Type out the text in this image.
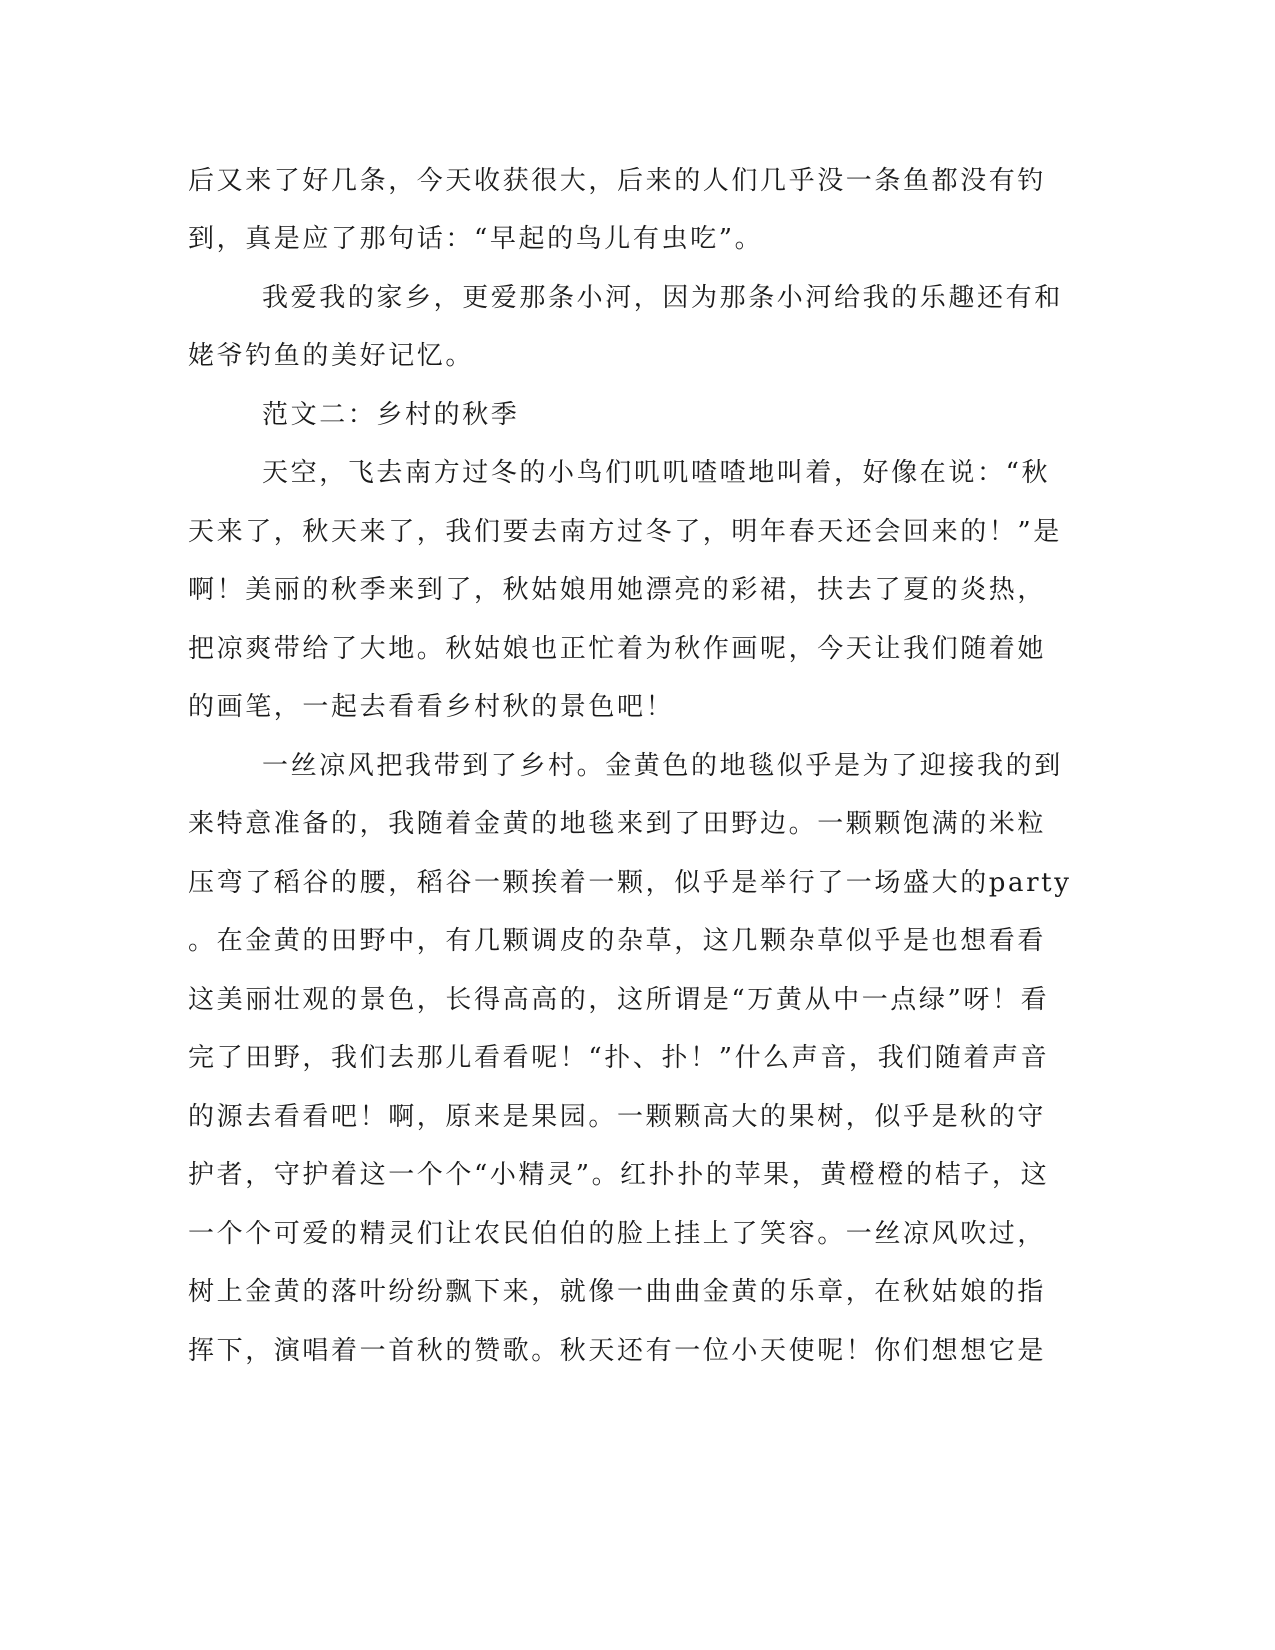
后又来了好几条，今天收获很大，后来的人们几乎没一条鱼都没有钓
到，真是应了那句话：“早起的鸟儿有虫吃”。
我爱我的家乡，更爱那条小河，因为那条小河给我的乐趣还有和
姥爷钓鱼的美好记忆。
范文二：乡村的秋季
天空，飞去南方过冬的小鸟们叽叽喳喳地叫着，好像在说：“秋
天来了，秋天来了，我们要去南方过冬了，明年春天还会回来的！”是
啊！美丽的秋季来到了，秋姑娘用她漂亮的彩裙，扶去了夏的炎热，
把凉爽带给了大地。秋姑娘也正忙着为秋作画呢，今天让我们随着她
的画笔，一起去看看乡村秋的景色吧！
一丝凉风把我带到了乡村。金黄色的地毯似乎是为了迎接我的到
来特意准备的，我随着金黄的地毯来到了田野边。一颗颗饱满的米粒
压弯了稻谷的腰，稻谷一颗挨着一颗，似乎是举行了一场盛大的party
。在金黄的田野中，有几颗调皮的杂草，这几颗杂草似乎是也想看看
这美丽壮观的景色，长得高高的，这所谓是“万黄从中一点绿”呀！看
完了田野，我们去那儿看看呢！“扑、扑！”什么声音，我们随着声音
的源去看看吧！啊，原来是果园。一颗颗高大的果树，似乎是秋的守
护者，守护着这一个个“小精灵”。红扑扑的苹果，黄橙橙的桔子，这
一个个可爱的精灵们让农民伯伯的脸上挂上了笑容。一丝凉风吹过，
树上金黄的落叶纷纷飘下来，就像一曲曲金黄的乐章，在秋姑娘的指
挥下，演唱着一首秋的赞歌。秋天还有一位小天使呢！你们想想它是
